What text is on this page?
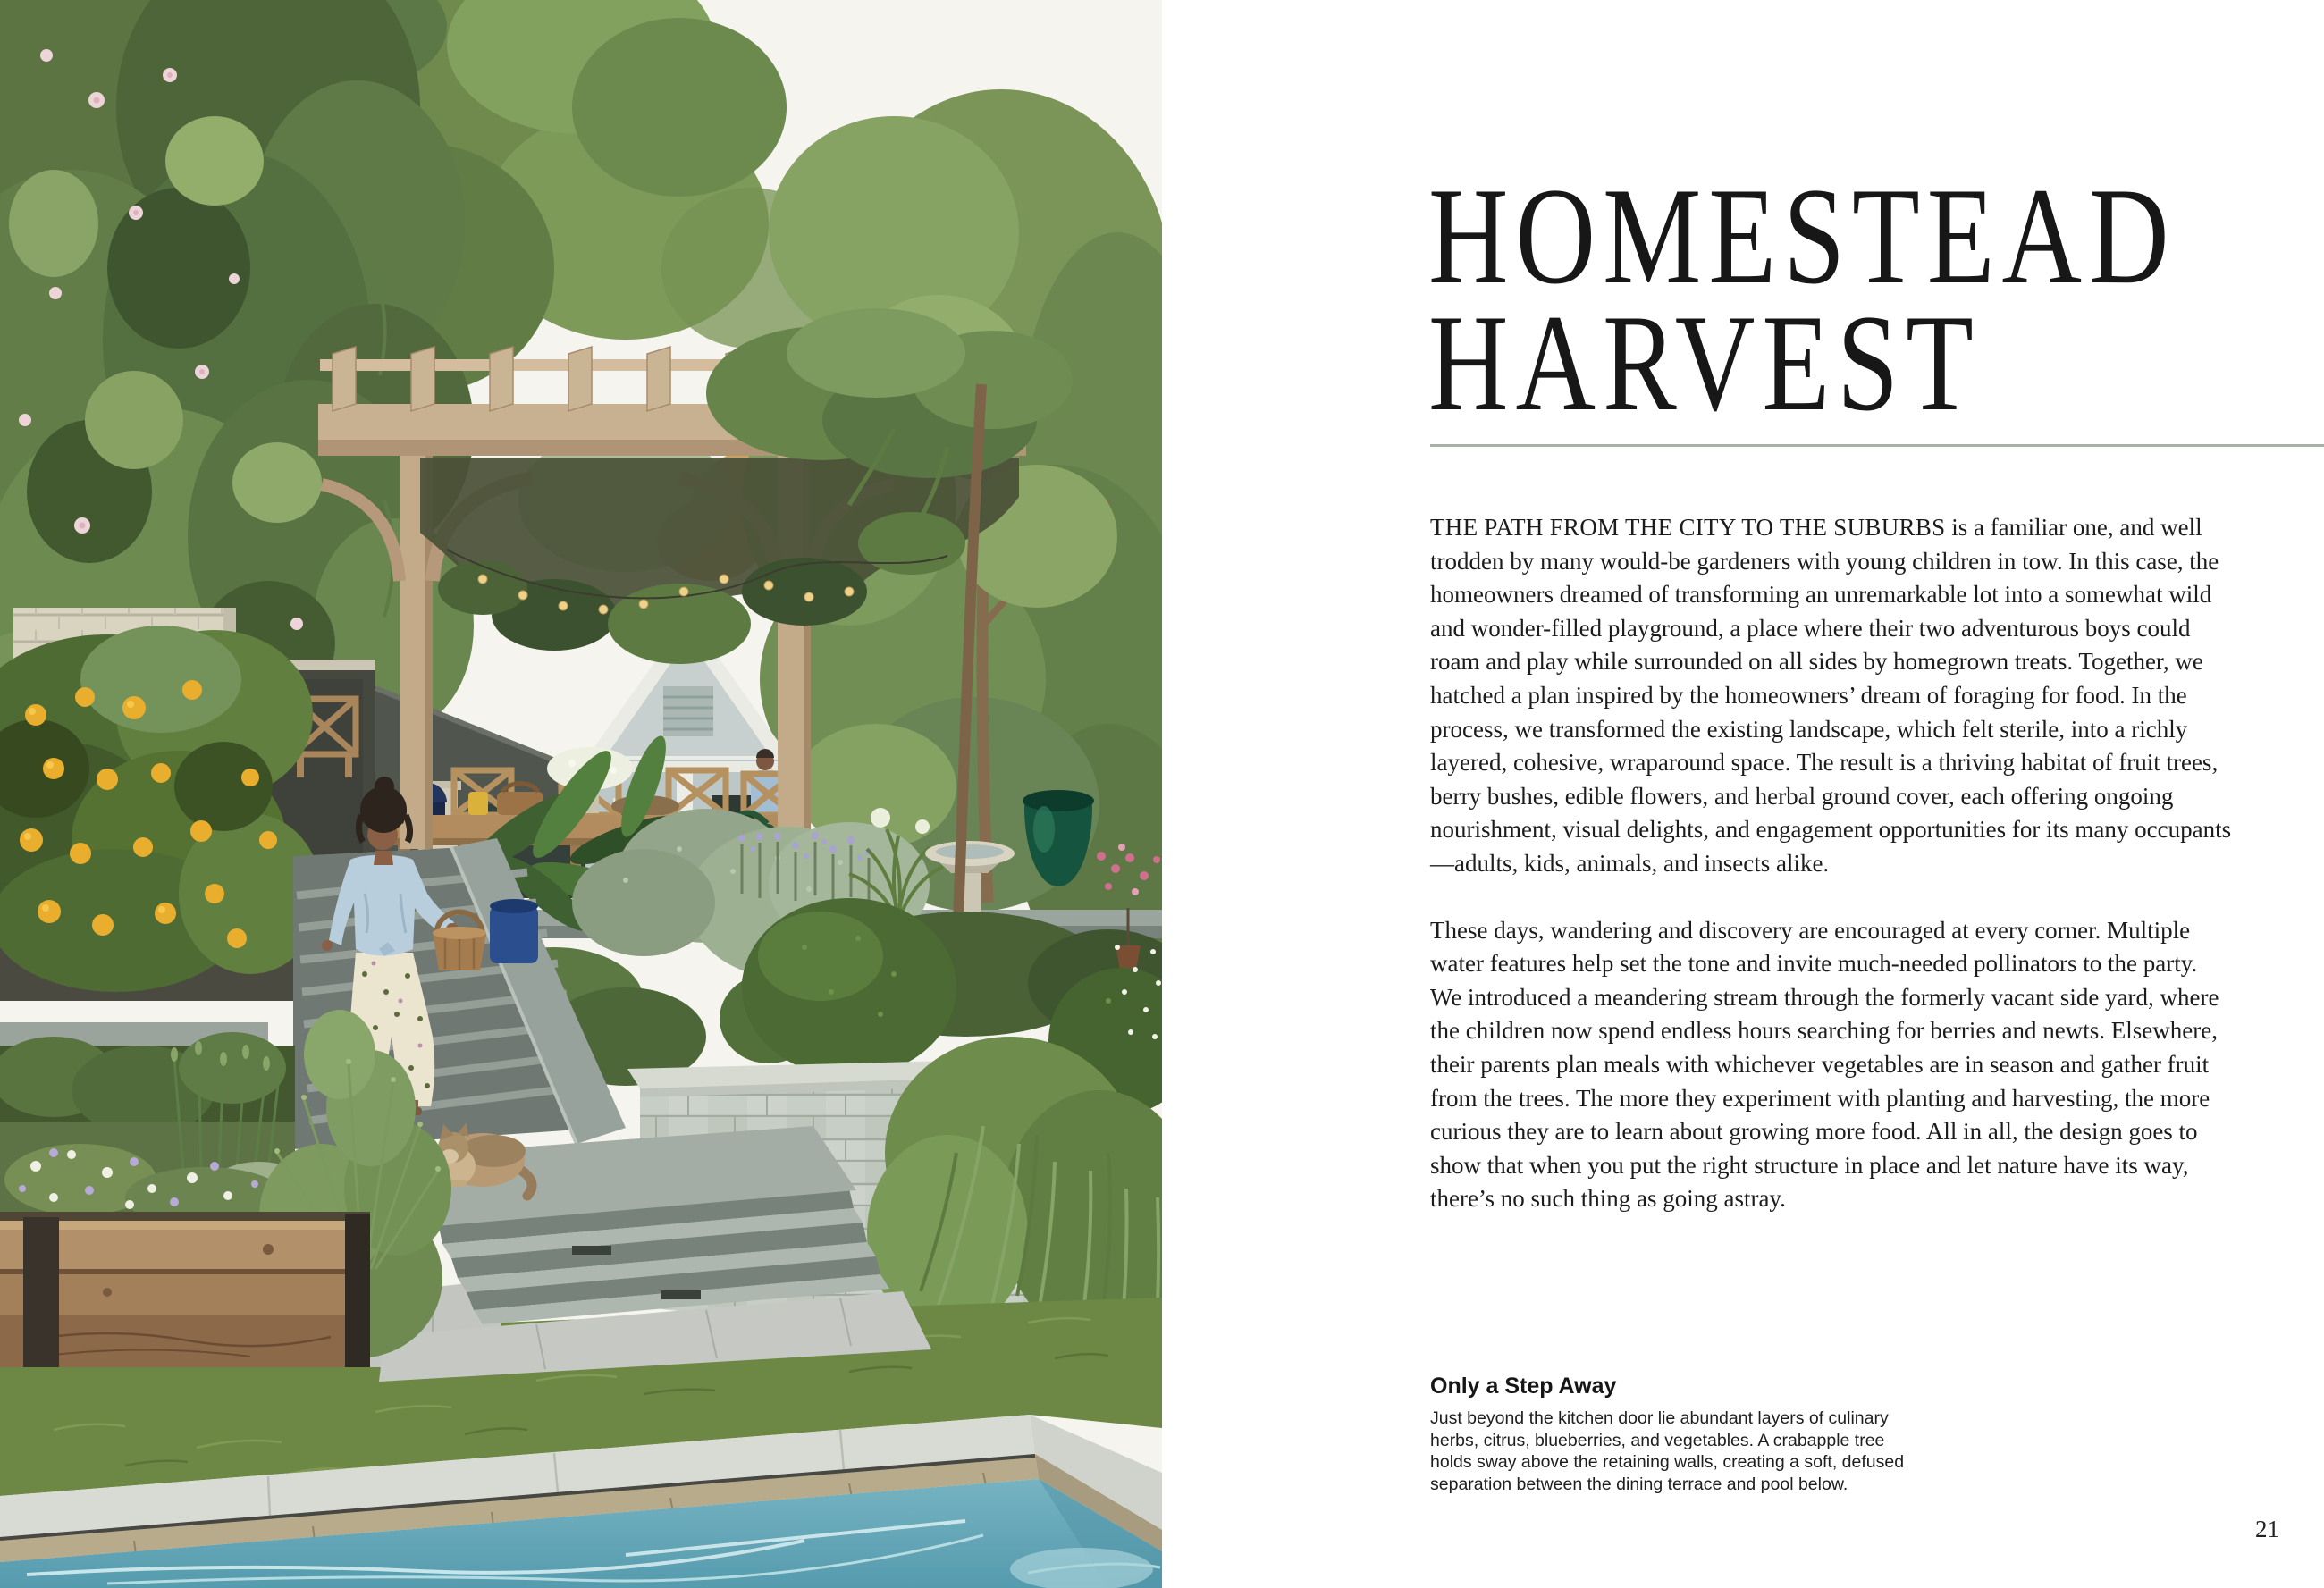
HOMESTEAD
HARVEST

THE PATH FROM THE CITY TO THE SUBURBS is a familiar one, and well trodden by many would-be gardeners with young children in tow. In this case, the homeowners dreamed of transforming an unremarkable lot into a somewhat wild and wonder-filled playground, a place where their two adventurous boys could roam and play while surrounded on all sides by homegrown treats. Together, we hatched a plan inspired by the homeowners’ dream of foraging for food. In the process, we transformed the existing landscape, which felt sterile, into a richly layered, cohesive, wraparound space. The result is a thriving habitat of fruit trees, berry bushes, edible flowers, and herbal ground cover, each offering ongoing nourishment, visual delights, and engagement opportunities for its many occupants—adults, kids, animals, and insects alike.

These days, wandering and discovery are encouraged at every corner. Multiple water features help set the tone and invite much-needed pollinators to the party. We introduced a meandering stream through the formerly vacant side yard, where the children now spend endless hours searching for berries and newts. Elsewhere, their parents plan meals with whichever vegetables are in season and gather fruit from the trees. The more they experiment with planting and harvesting, the more curious they are to learn about growing more food. All in all, the design goes to show that when you put the right structure in place and let nature have its way, there’s no such thing as going astray.

Only a Step Away

Just beyond the kitchen door lie abundant layers of culinary herbs, citrus, blueberries, and vegetables. A crabapple tree holds sway above the retaining walls, creating a soft, defused separation between the dining terrace and pool below.

21
